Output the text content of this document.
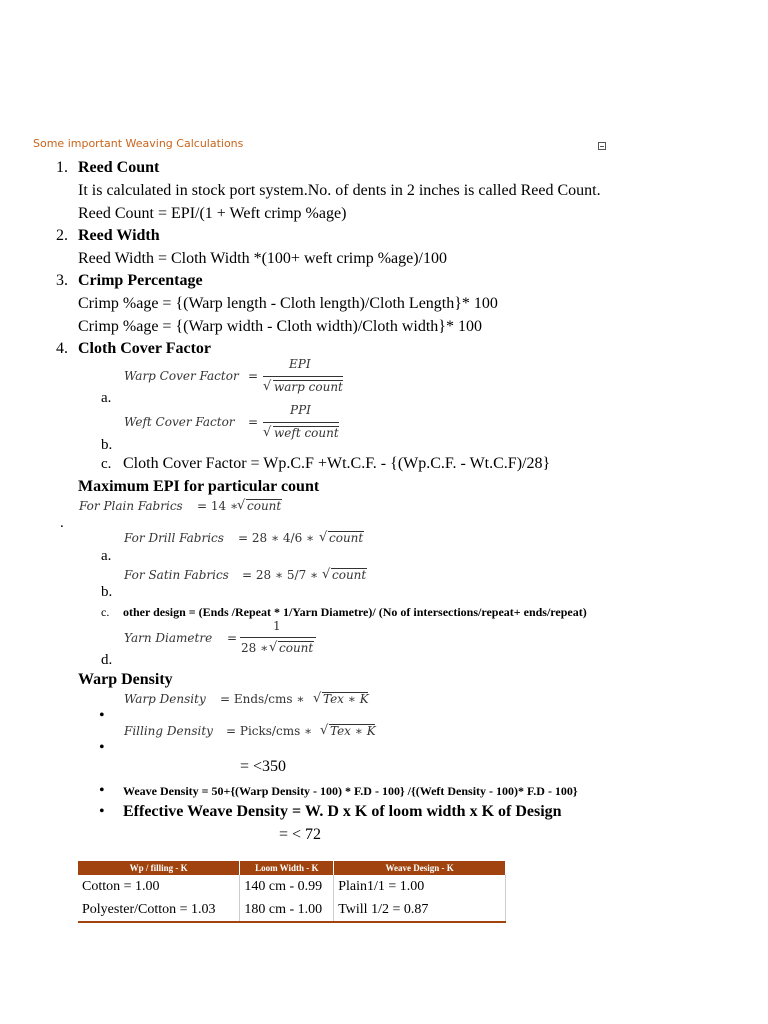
Some important Weaving Calculations
1. Reed Count
It is calculated in stock port system.No. of dents in 2 inches is called Reed Count.
Reed Count = EPI/(1 + Weft crimp %age)
2. Reed Width
Reed Width = Cloth Width *(100+ weft crimp %age)/100
3. Crimp Percentage
Crimp %age = {(Warp length - Cloth length)/Cloth Length}* 100
Crimp %age = {(Warp width - Cloth width)/Cloth width}* 100
4. Cloth Cover Factor
Warp Cover Factor =
EPI
√ warp count
a.
Weft Cover Factor =
PPI
√ weft count
b.
c. Cloth Cover Factor = Wp.C.F +Wt.C.F. - {(Wp.C.F. - Wt.C.F)/28}
Maximum EPI for particular count
For Plain Fabrics = 14 ∗
√ count
.
For Drill Fabrics = 28 ∗ 4/6 ∗ √ count
a.
For Satin Fabrics = 28 ∗ 5/7 ∗ √ count
b.
c. other design = (Ends /Repeat * 1/Yarn Diametre)/ (No of intersections/repeat+ ends/repeat)
Yarn Diametre =
1
28 ∗ √ count
d.
Warp Density
Warp Density = Ends/cms ∗ √ Tex ∗ K
•
Filling Density = Picks/cms ∗ √ Tex ∗ K
•
= <350
• Weave Density = 50+{(Warp Density - 100) * F.D - 100} /{(Weft Density - 100)* F.D - 100}
• Effective Weave Density = W. D x K of loom width x K of Design
= < 72
Wp / filling - K	Loom Width - K	Weave Design - K
Cotton = 1.00	140 cm - 0.99	Plain1/1 = 1.00
Polyester/Cotton = 1.03	180 cm - 1.00	Twill 1/2 = 0.87
